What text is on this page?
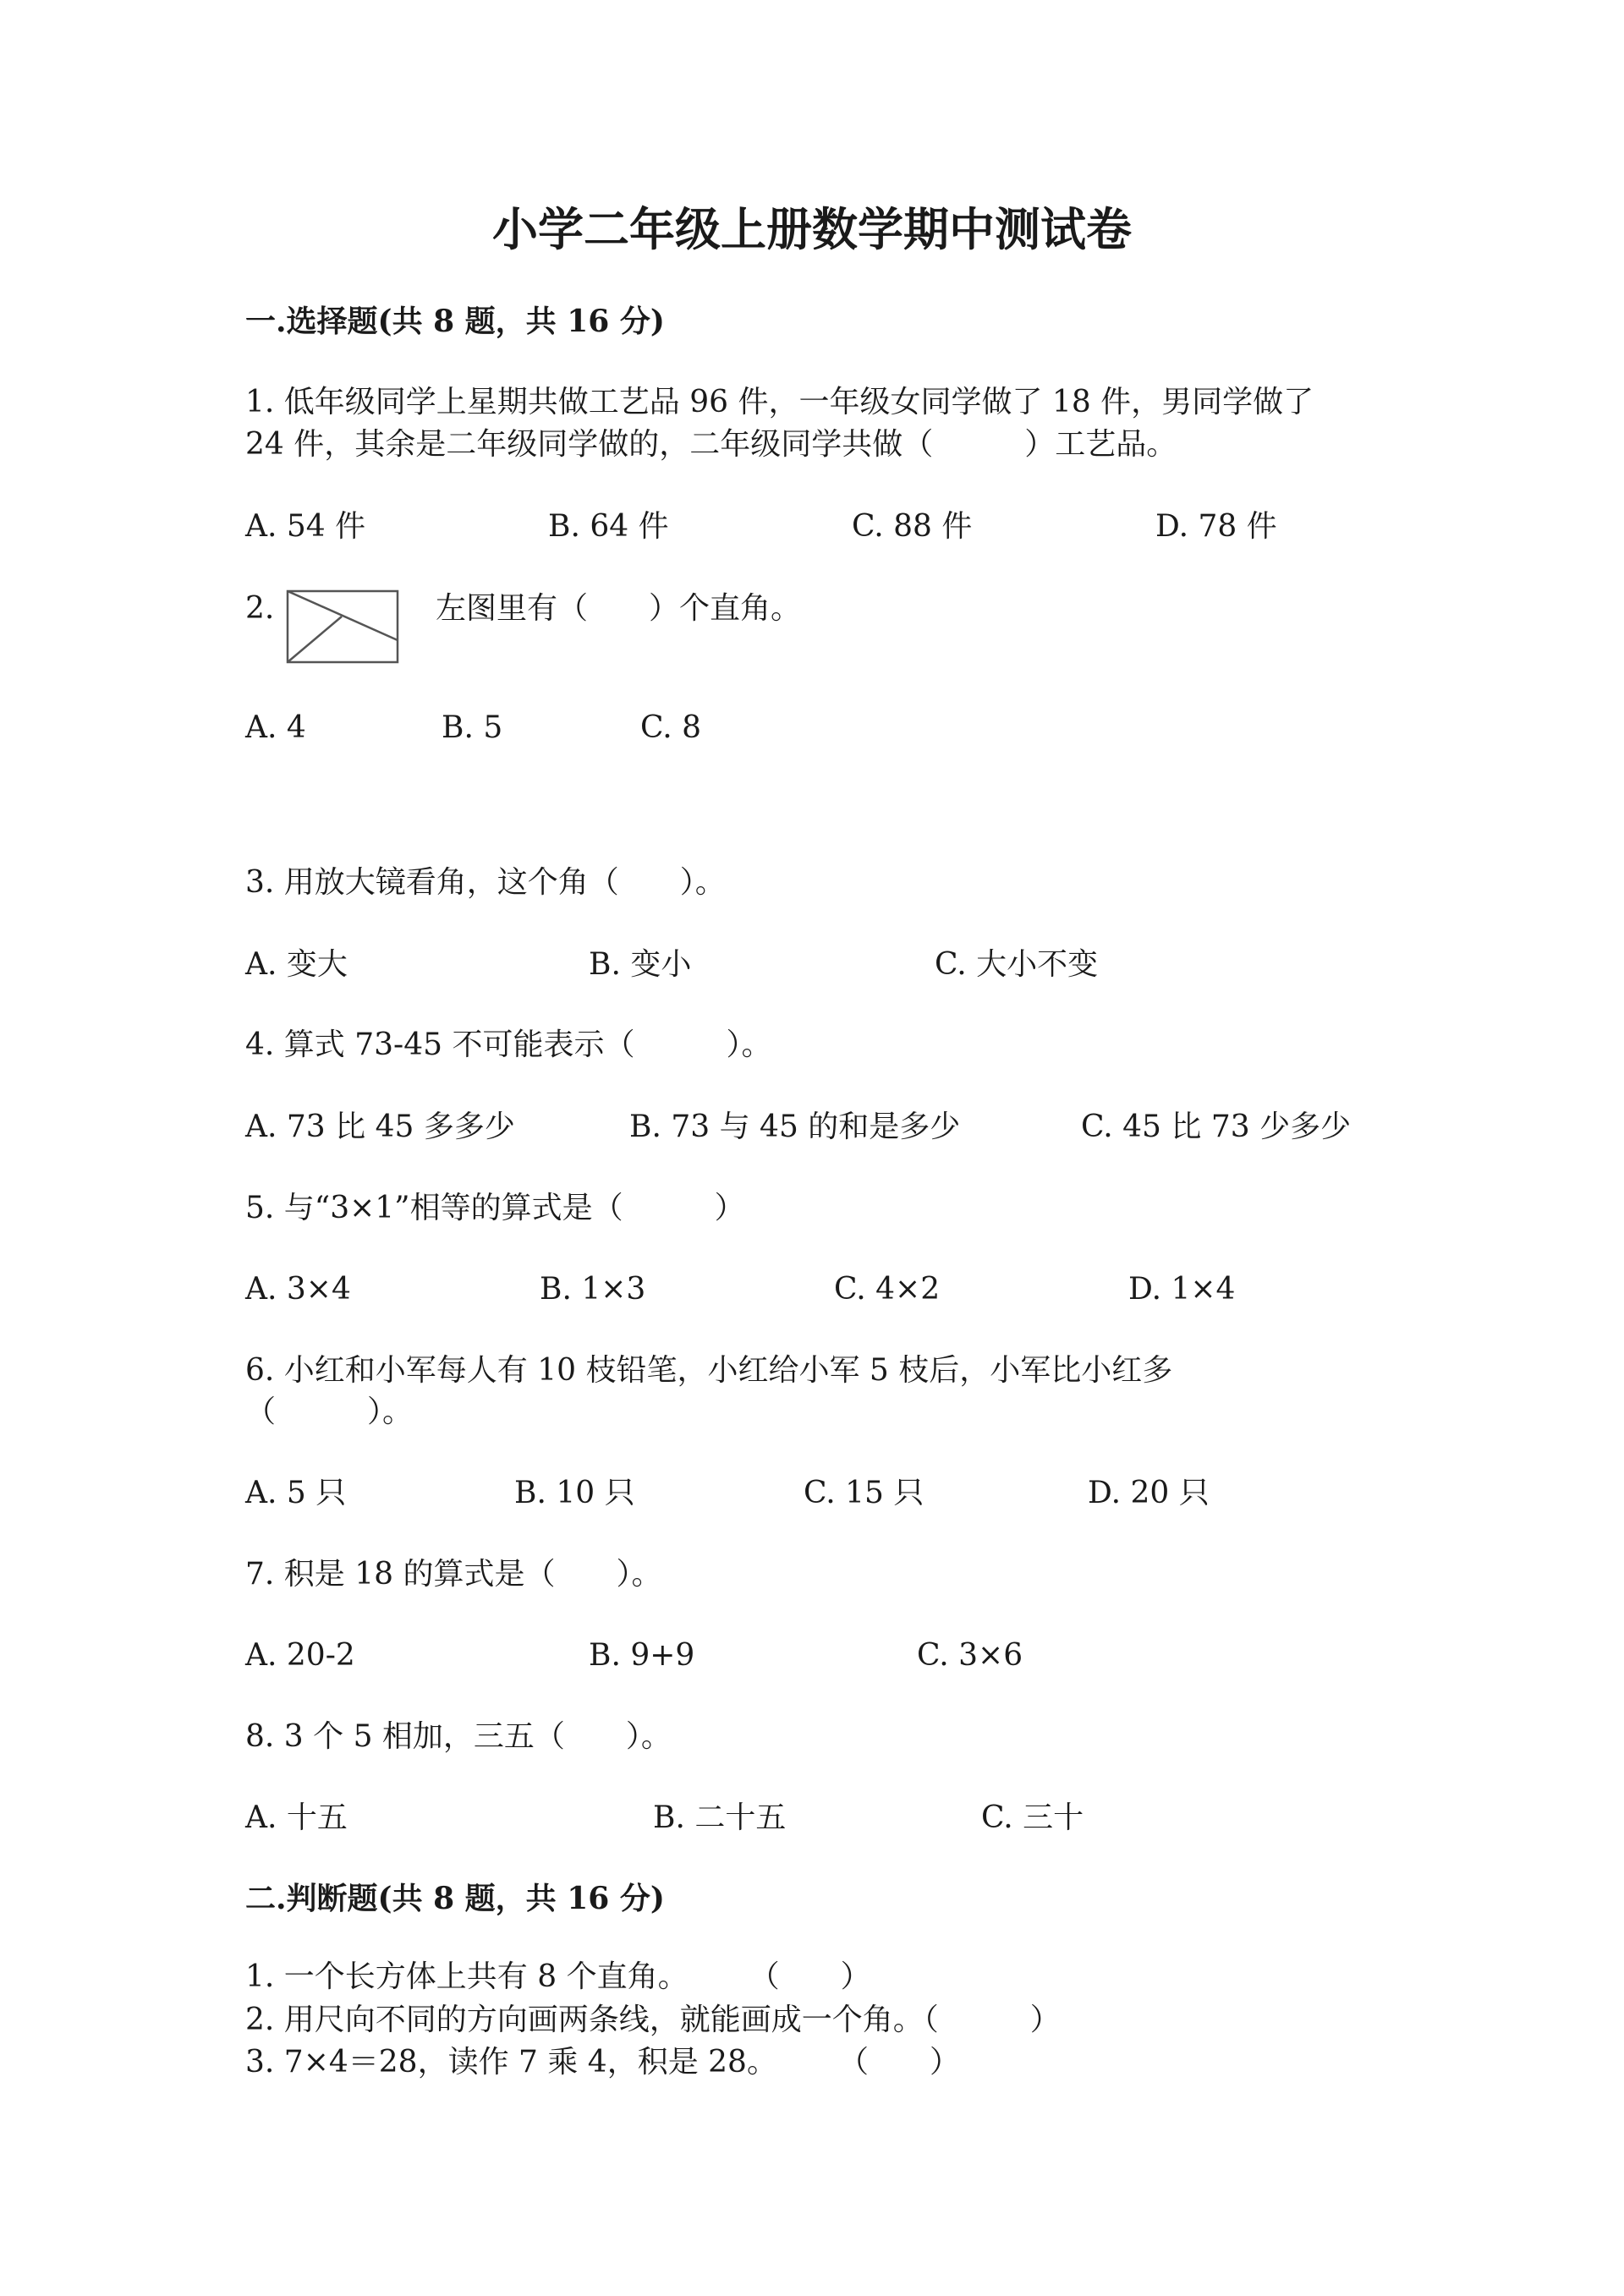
小学二年级上册数学期中测试卷
一.选择题(共 8 题，共 16 分)
1. 低年级同学上星期共做工艺品 96 件，一年级女同学做了 18 件，男同学做了
24 件，其余是二年级同学做的，二年级同学共做（　　　）工艺品。
A. 54 件	B. 64 件	C. 88 件	D. 78 件
2.	左图里有（　　）个直角。
A. 4	B. 5	C. 8
3. 用放大镜看角，这个角（　　）。
A. 变大	B. 变小	C. 大小不变
4. 算式 73-45 不可能表示（　　　）。
A. 73 比 45 多多少	B. 73 与 45 的和是多少	C. 45 比 73 少多少
5. 与“3×1”相等的算式是（　　　）
A. 3×4	B. 1×3	C. 4×2	D. 1×4
6. 小红和小军每人有 10 枝铅笔，小红给小军 5 枝后，小军比小红多
（　　　）。
A. 5 只	B. 10 只	C. 15 只	D. 20 只
7. 积是 18 的算式是（　　）。
A. 20-2	B. 9+9	C. 3×6
8. 3 个 5 相加，三五（　　）。
A. 十五	B. 二十五	C. 三十
二.判断题(共 8 题，共 16 分)
1. 一个长方体上共有 8 个直角。　　　（　　）
2. 用尺向不同的方向画两条线，就能画成一个角。（　　　）
3. 7×4＝28，读作 7 乘 4，积是 28。　　　（　　）
